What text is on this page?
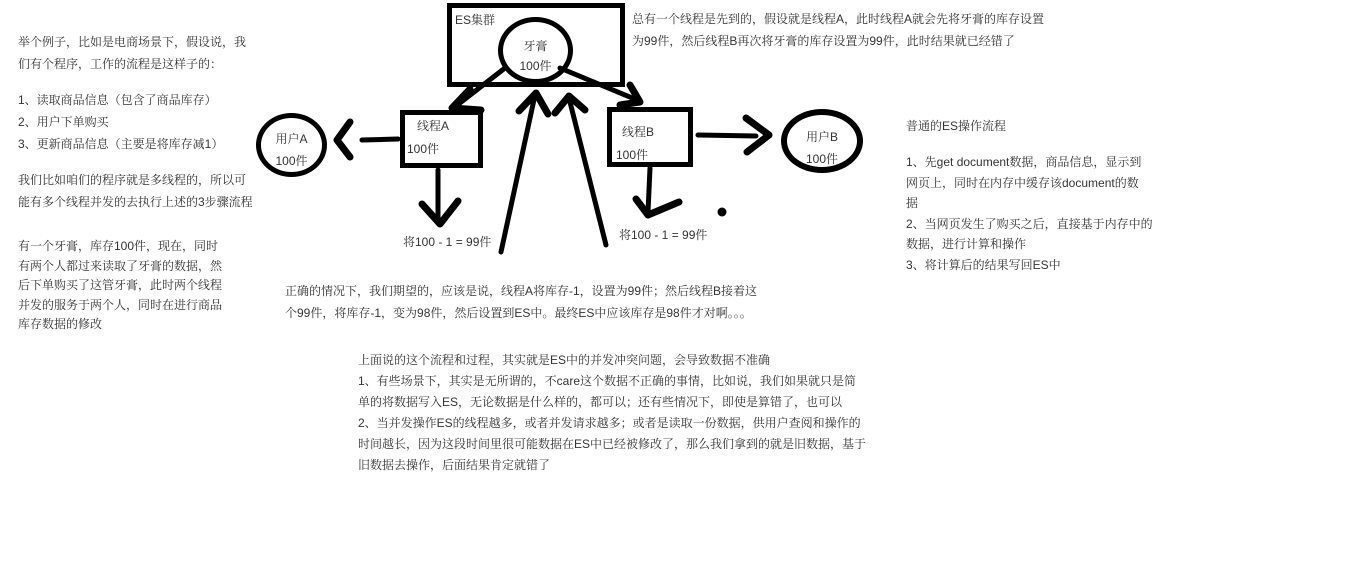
举个例子，比如是电商场景下，假设说，我
们有个程序，工作的流程是这样子的：
1、读取商品信息（包含了商品库存）
2、用户下单购买
3、更新商品信息（主要是将库存减1）
我们比如咱们的程序就是多线程的，所以可
能有多个线程并发的去执行上述的3步骤流程
有一个牙膏，库存100件，现在，同时
有两个人都过来读取了牙膏的数据，然
后下单购买了这管牙膏，此时两个线程
并发的服务于两个人，同时在进行商品
库存数据的修改
总有一个线程是先到的，假设就是线程A，此时线程A就会先将牙膏的库存设置
为99件，然后线程B再次将牙膏的库存设置为99件，此时结果就已经错了
普通的ES操作流程
1、先get document数据，商品信息，显示到
网页上，同时在内存中缓存该document的数
据
2、当网页发生了购买之后，直接基于内存中的
数据，进行计算和操作
3、将计算后的结果写回ES中
正确的情况下，我们期望的，应该是说，线程A将库存-1，设置为99件；然后线程B接着这
个99件，将库存-1，变为98件，然后设置到ES中。最终ES中应该库存是98件才对啊。。。
上面说的这个流程和过程，其实就是ES中的并发冲突问题，会导致数据不准确
1、有些场景下，其实是无所谓的，不care这个数据不正确的事情，比如说，我们如果就只是简
单的将数据写入ES，无论数据是什么样的，都可以；还有些情况下，即使是算错了，也可以
2、当并发操作ES的线程越多，或者并发请求越多；或者是读取一份数据，供用户查阅和操作的
时间越长，因为这段时间里很可能数据在ES中已经被修改了，那么我们拿到的就是旧数据，基于
旧数据去操作，后面结果肯定就错了
ES集群
牙膏
100件
线程A
100件
线程B
100件
用户A
100件
用户B
100件
将100 - 1 = 99件	将100 - 1 = 99件
